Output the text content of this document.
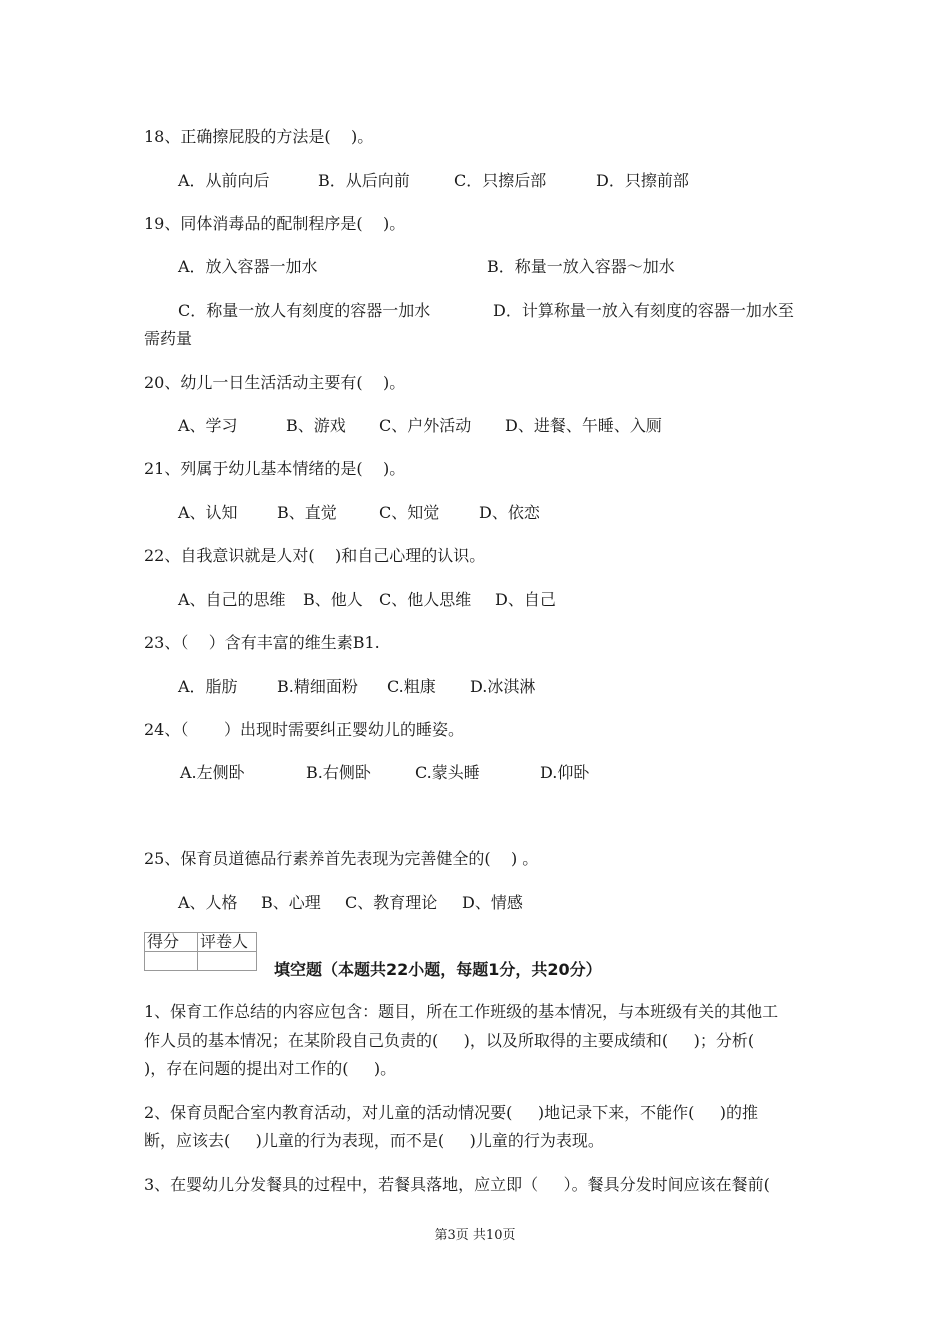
18、正确擦屁股的方法是(    )。
A．从前向后	B．从后向前	C．只擦后部	D．只擦前部
19、同体消毒品的配制程序是(    )。
A．放入容器一加水	B．称量一放入容器～加水
C．称量一放人有刻度的容器一加水	D．计算称量一放入有刻度的容器一加水至
需药量
20、幼儿一日生活活动主要有(    )。
A、学习	B、游戏 C、户外活动 D、进餐、午睡、入厕
21、列属于幼儿基本情绪的是(    )。
A、认知 B、直觉	C、知觉 D、依恋
22、自我意识就是人对(    )和自己心理的认识。
A、自己的思维 B、他人 C、他人思维 D、自己
23、（    ）含有丰富的维生素B1.
A．脂肪 B.精细面粉 C.粗康 D.冰淇淋
24、（       ）出现时需要纠正婴幼儿的睡姿。
A.左侧卧	B.右侧卧	C.蒙头睡	D.仰卧
25、保育员道德品行素养首先表现为完善健全的(    ) 。
A、人格 B、心理 C、教育理论 D、情感
得分	评卷人

填空题（本题共22小题，每题1分，共20分）
1、保育工作总结的内容应包含：题目，所在工作班级的基本情况，与本班级有关的其他工
作人员的基本情况；在某阶段自己负责的(     )，以及所取得的主要成绩和(     )；分析(
)，存在问题的提出对工作的(     )。
2、保育员配合室内教育活动，对儿童的活动情况要(     )地记录下来，不能作(     )的推
断，应该去(     )儿童的行为表现，而不是(     )儿童的行为表现。
3、在婴幼儿分发餐具的过程中，若餐具落地，应立即（     ）。餐具分发时间应该在餐前(
第3页 共10页
